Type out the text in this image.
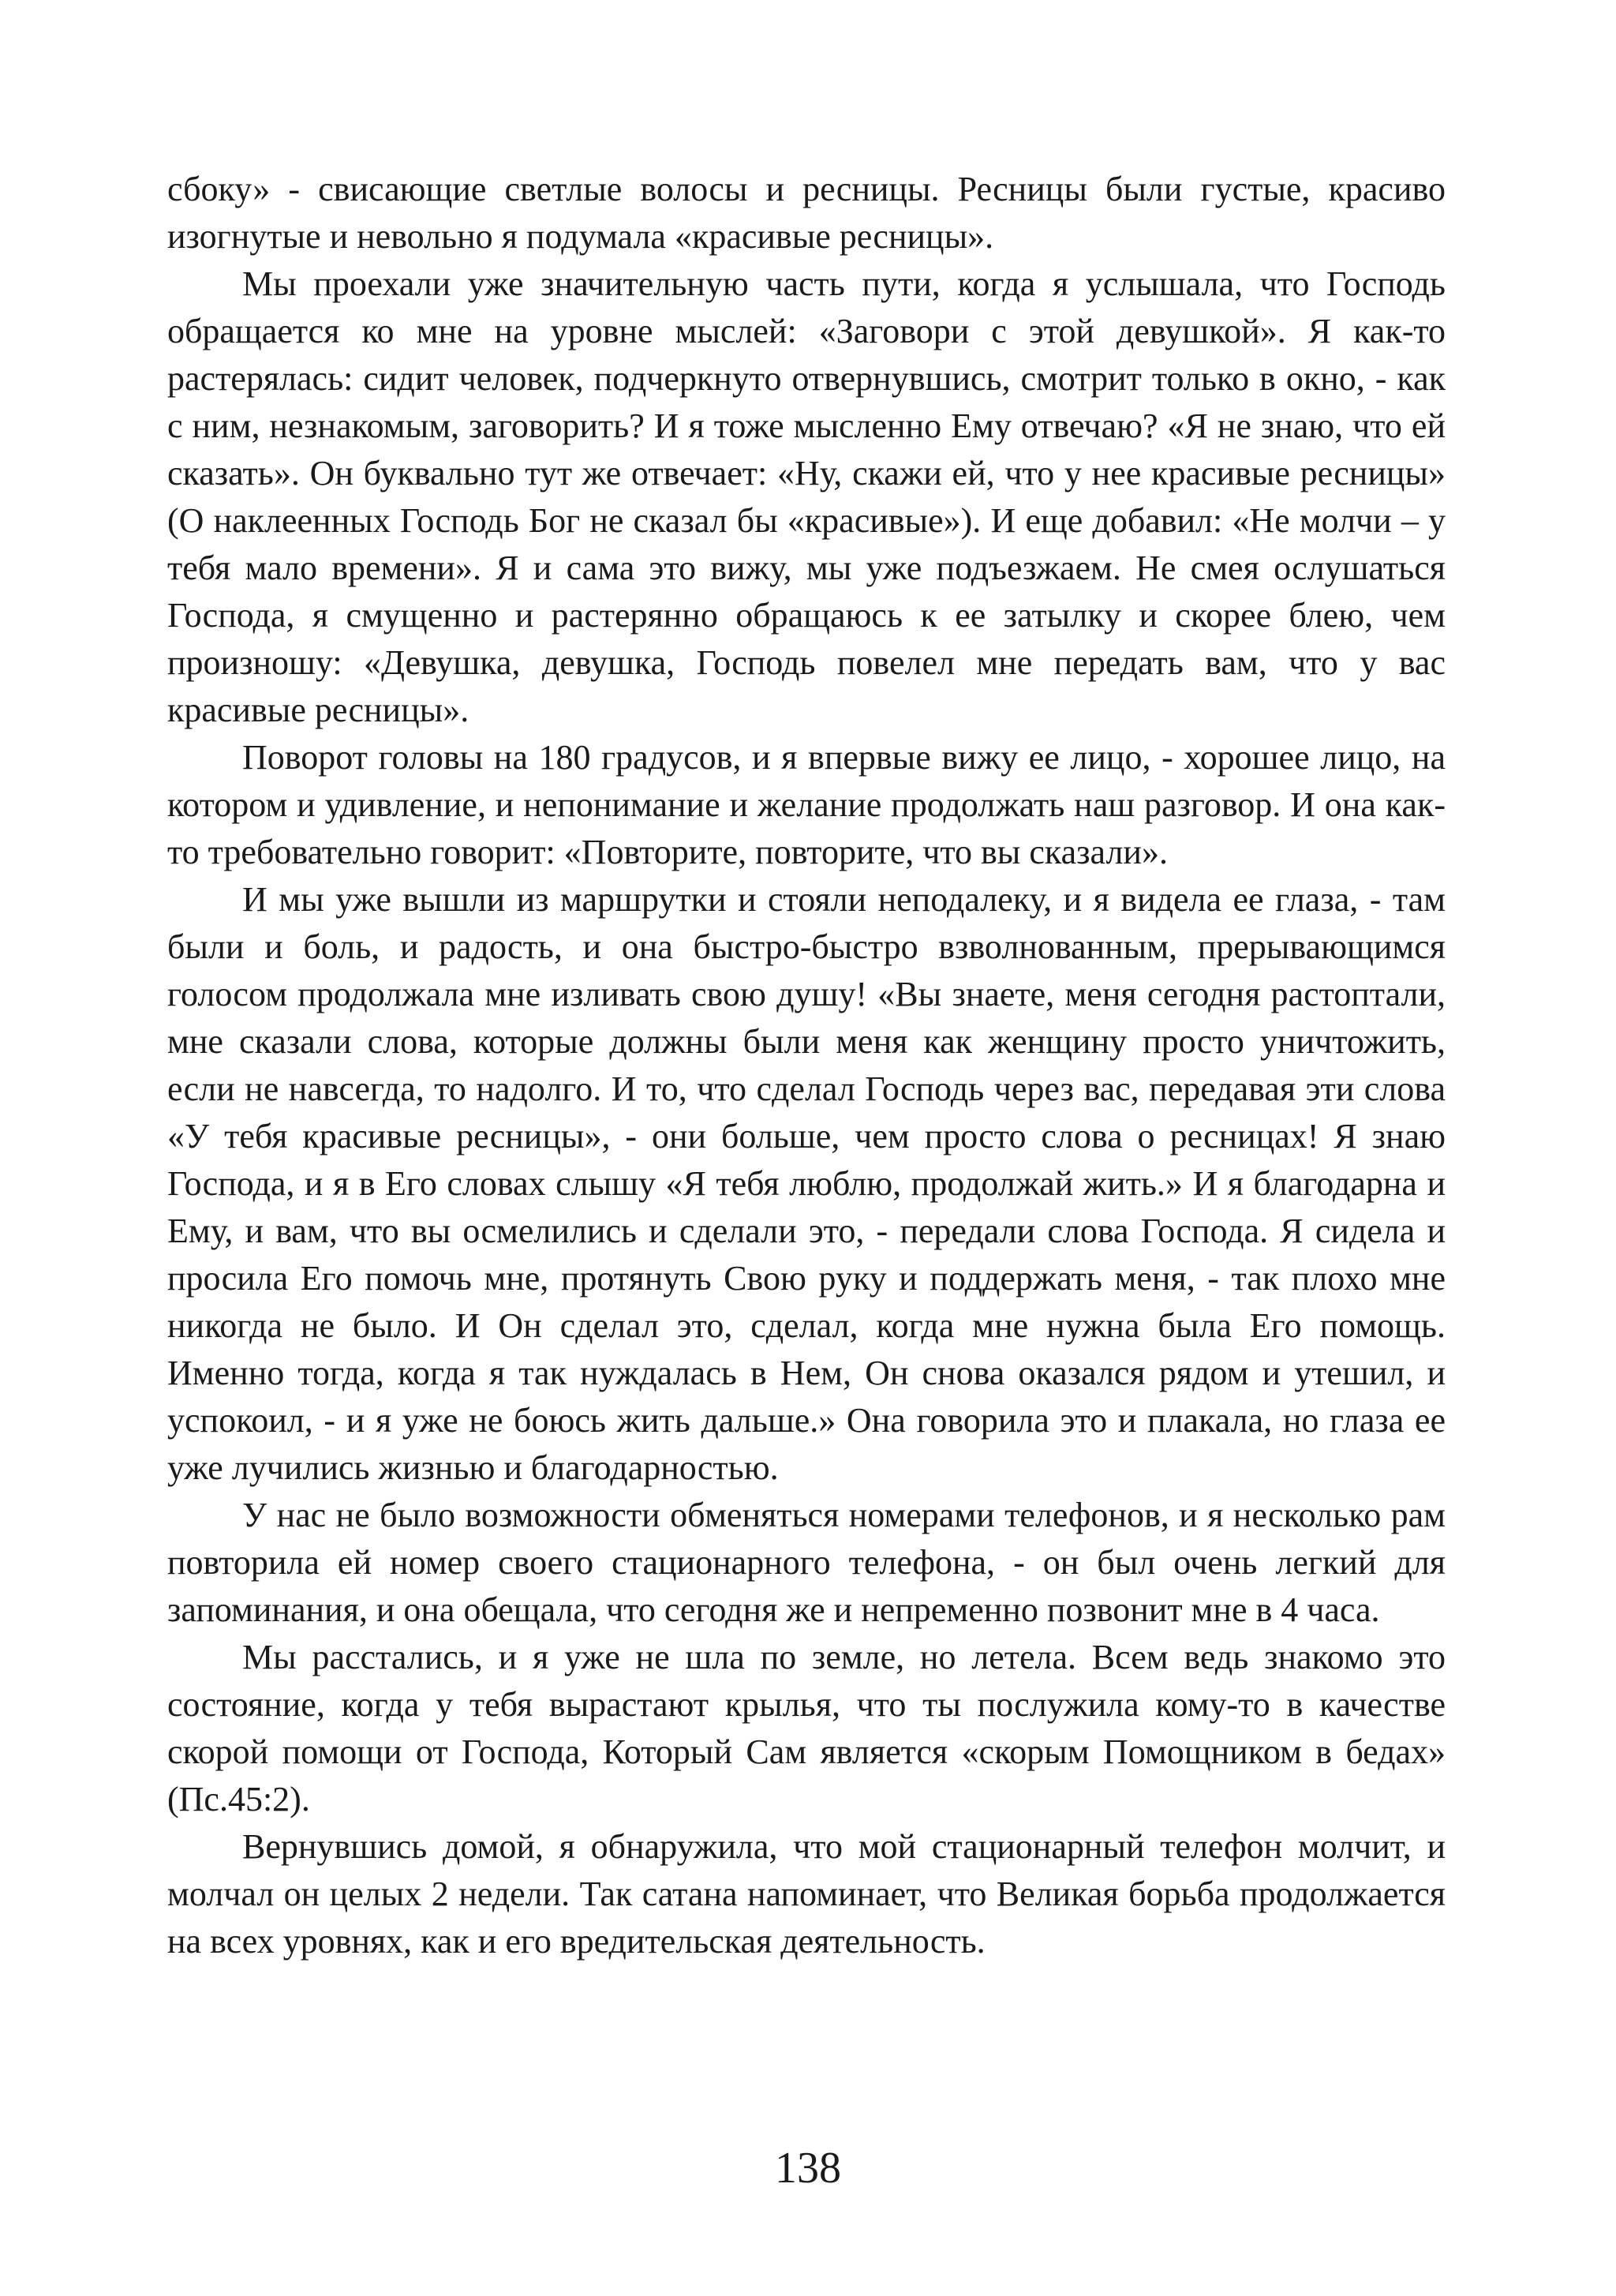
сбоку» - свисающие светлые волосы и ресницы. Ресницы были густые, красиво изогнутые и невольно я подумала «красивые ресницы».

Мы проехали уже значительную часть пути, когда я услышала, что Господь обращается ко мне на уровне мыслей: «Заговори с этой девушкой». Я как-то растерялась: сидит человек, подчеркнуто отвернувшись, смотрит только в окно, - как с ним, незнакомым, заговорить? И я тоже мысленно Ему отвечаю? «Я не знаю, что ей сказать». Он буквально тут же отвечает: «Ну, скажи ей, что у нее красивые ресницы» (О наклеенных Господь Бог не сказал бы «красивые»). И еще добавил: «Не молчи – у тебя мало времени». Я и сама это вижу, мы уже подъезжаем. Не смея ослушаться Господа, я смущенно и растерянно обращаюсь к ее затылку и скорее блею, чем произношу: «Девушка, девушка, Господь повелел мне передать вам, что у вас красивые ресницы».

Поворот головы на 180 градусов, и я впервые вижу ее лицо, - хорошее лицо, на котором и удивление, и непонимание и желание продолжать наш разговор. И она как-то требовательно говорит: «Повторите, повторите, что вы сказали».

И мы уже вышли из маршрутки и стояли неподалеку, и я видела ее глаза, - там были и боль, и радость, и она быстро-быстро взволнованным, прерывающимся голосом продолжала мне изливать свою душу! «Вы знаете, меня сегодня растоптали, мне сказали слова, которые должны были меня как женщину просто уничтожить, если не навсегда, то надолго. И то, что сделал Господь через вас, передавая эти слова «У тебя красивые ресницы», - они больше, чем просто слова о ресницах! Я знаю Господа, и я в Его словах слышу «Я тебя люблю, продолжай жить.» И я благодарна и Ему, и вам, что вы осмелились и сделали это, - передали слова Господа. Я сидела и просила Его помочь мне, протянуть Свою руку и поддержать меня, - так плохо мне никогда не было. И Он сделал это, сделал, когда мне нужна была Его помощь. Именно тогда, когда я так нуждалась в Нем, Он снова оказался рядом и утешил, и успокоил, - и я уже не боюсь жить дальше.» Она говорила это и плакала, но глаза ее уже лучились жизнью и благодарностью.

У нас не было возможности обменяться номерами телефонов, и я несколько рам повторила ей номер своего стационарного телефона, - он был очень легкий для запоминания, и она обещала, что сегодня же и непременно позвонит мне в 4 часа.

Мы расстались, и я уже не шла по земле, но летела. Всем ведь знакомо это состояние, когда у тебя вырастают крылья, что ты послужила кому-то в качестве скорой помощи от Господа, Который Сам является «скорым Помощником в бедах» (Пс.45:2).

Вернувшись домой, я обнаружила, что мой стационарный телефон молчит, и молчал он целых 2 недели. Так сатана напоминает, что Великая борьба продолжается на всех уровнях, как и его вредительская деятельность.

138
